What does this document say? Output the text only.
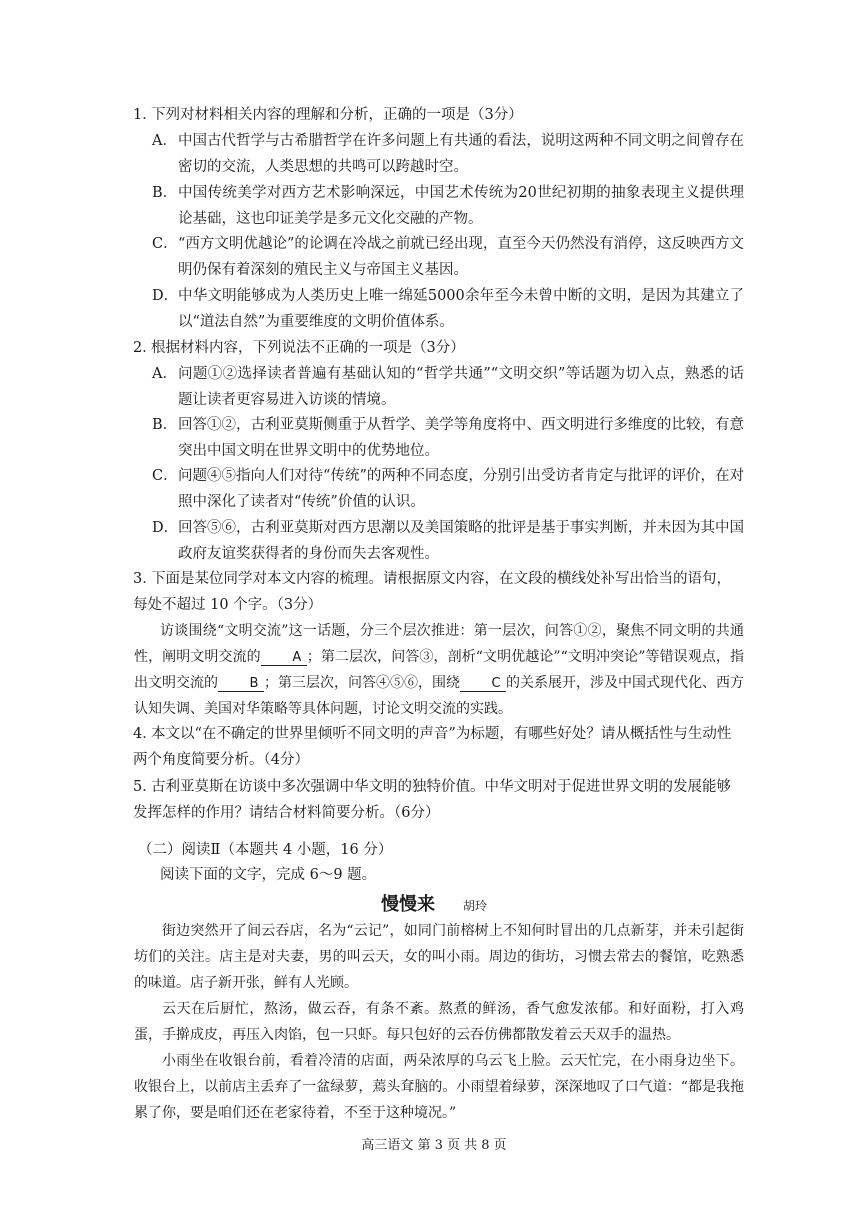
1．下列对材料相关内容的理解和分析，正确的一项是（3分）
A． 中国古代哲学与古希腊哲学在许多问题上有共通的看法，说明这两种不同文明之间曾存在密切的交流，人类思想的共鸣可以跨越时空。
B． 中国传统美学对西方艺术影响深远，中国艺术传统为20世纪初期的抽象表现主义提供理论基础，这也印证美学是多元文化交融的产物。
C． “西方文明优越论”的论调在冷战之前就已经出现，直至今天仍然没有消停，这反映西方文明仍保有着深刻的殖民主义与帝国主义基因。
D． 中华文明能够成为人类历史上唯一绵延5000余年至今未曾中断的文明，是因为其建立了以“道法自然”为重要维度的文明价值体系。
2．根据材料内容，下列说法不正确的一项是（3分）
A． 问题①②选择读者普遍有基础认知的“哲学共通”“文明交织”等话题为切入点，熟悉的话题让读者更容易进入访谈的情境。
B． 回答①②，古利亚莫斯侧重于从哲学、美学等角度将中、西文明进行多维度的比较，有意突出中国文明在世界文明中的优势地位。
C． 问题④⑤指向人们对待“传统”的两种不同态度，分别引出受访者肯定与批评的评价，在对照中深化了读者对“传统”价值的认识。
D． 回答⑤⑥，古利亚莫斯对西方思潮以及美国策略的批评是基于事实判断，并未因为其中国政府友谊奖获得者的身份而失去客观性。
3．下面是某位同学对本文内容的梳理。请根据原文内容，在文段的横线处补写出恰当的语句，每处不超过 10 个字。（3分）
访谈围绕“文明交流”这一话题，分三个层次推进：第一层次，问答①②，聚焦不同文明的共通性，阐明文明交流的 A ；第二层次，问答③，剖析“文明优越论”“文明冲突论”等错误观点，指出文明交流的 B ；第三层次，问答④⑤⑥，围绕 C 的关系展开，涉及中国式现代化、西方认知失调、美国对华策略等具体问题，讨论文明交流的实践。
4．本文以“在不确定的世界里倾听不同文明的声音”为标题，有哪些好处？请从概括性与生动性两个角度简要分析。（4分）
5．古利亚莫斯在访谈中多次强调中华文明的独特价值。中华文明对于促进世界文明的发展能够发挥怎样的作用？请结合材料简要分析。（6分）
（二）阅读Ⅱ（本题共 4 小题，16 分）
阅读下面的文字，完成 6～9 题。
慢慢来 胡玲
街边突然开了间云吞店，名为“云记”，如同门前榕树上不知何时冒出的几点新芽，并未引起街坊们的关注。店主是对夫妻，男的叫云天，女的叫小雨。周边的街坊，习惯去常去的餐馆，吃熟悉的味道。店子新开张，鲜有人光顾。
云天在后厨忙，熬汤，做云吞，有条不紊。熬煮的鲜汤，香气愈发浓郁。和好面粉，打入鸡蛋，手擀成皮，再压入肉馅，包一只虾。每只包好的云吞仿佛都散发着云天双手的温热。
小雨坐在收银台前，看着冷清的店面，两朵浓厚的乌云飞上脸。云天忙完，在小雨身边坐下。收银台上，以前店主丢弃了一盆绿萝，蔫头耷脑的。小雨望着绿萝，深深地叹了口气道：“都是我拖累了你，要是咱们还在老家待着，不至于这种境况。”
高三语文 第 3 页 共 8 页
